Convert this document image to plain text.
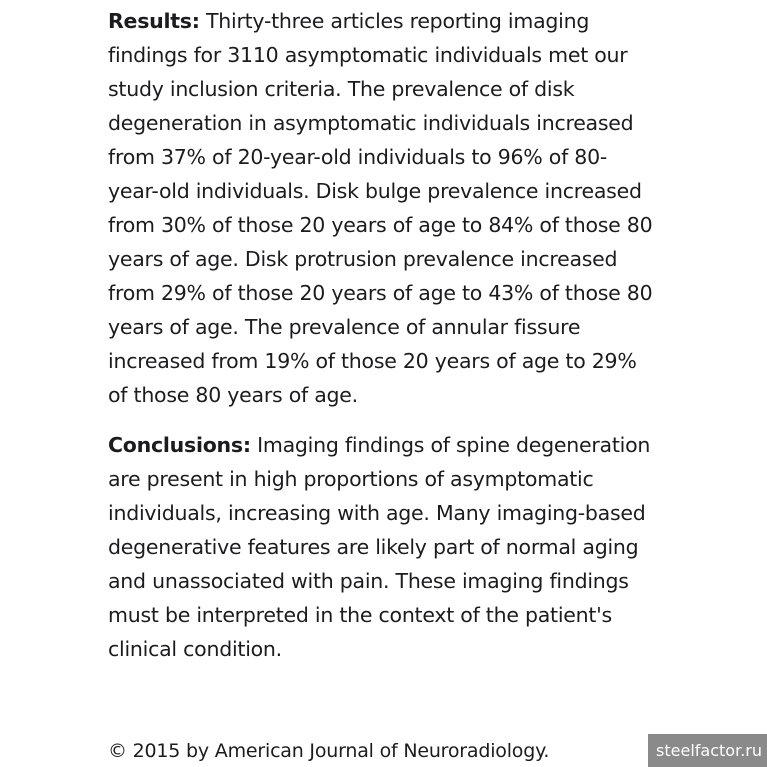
Results: Thirty-three articles reporting imaging findings for 3110 asymptomatic individuals met our study inclusion criteria. The prevalence of disk degeneration in asymptomatic individuals increased from 37% of 20-year-old individuals to 96% of 80-year-old individuals. Disk bulge prevalence increased from 30% of those 20 years of age to 84% of those 80 years of age. Disk protrusion prevalence increased from 29% of those 20 years of age to 43% of those 80 years of age. The prevalence of annular fissure increased from 19% of those 20 years of age to 29% of those 80 years of age.

Conclusions: Imaging findings of spine degeneration are present in high proportions of asymptomatic individuals, increasing with age. Many imaging-based degenerative features are likely part of normal aging and unassociated with pain. These imaging findings must be interpreted in the context of the patient's clinical condition.

© 2015 by American Journal of Neuroradiology.	steelfactor.ru
